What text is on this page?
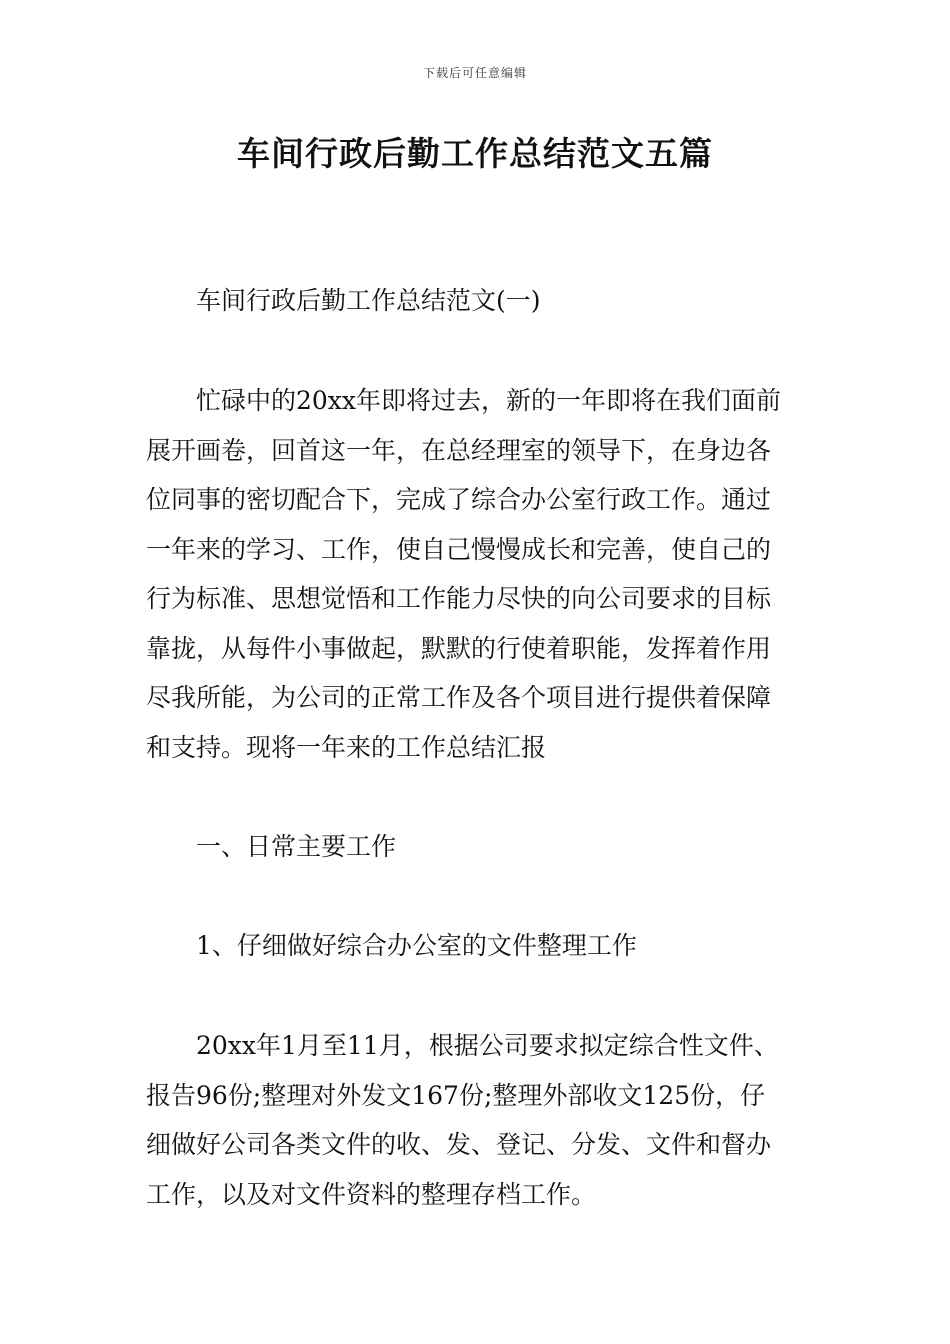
下载后可任意编辑
车间行政后勤工作总结范文五篇
车间行政后勤工作总结范文(一)
　　忙碌中的20xx年即将过去，新的一年即将在我们面前
展开画卷，回首这一年，在总经理室的领导下，在身边各
位同事的密切配合下，完成了综合办公室行政工作。通过
一年来的学习、工作，使自己慢慢成长和完善，使自己的
行为标准、思想觉悟和工作能力尽快的向公司要求的目标
靠拢，从每件小事做起，默默的行使着职能，发挥着作用
尽我所能，为公司的正常工作及各个项目进行提供着保障
和支持。现将一年来的工作总结汇报
一、日常主要工作
1、仔细做好综合办公室的文件整理工作
　　20xx年1月至11月，根据公司要求拟定综合性文件、
报告96份;整理对外发文167份;整理外部收文125份，仔
细做好公司各类文件的收、发、登记、分发、文件和督办
工作，以及对文件资料的整理存档工作。
